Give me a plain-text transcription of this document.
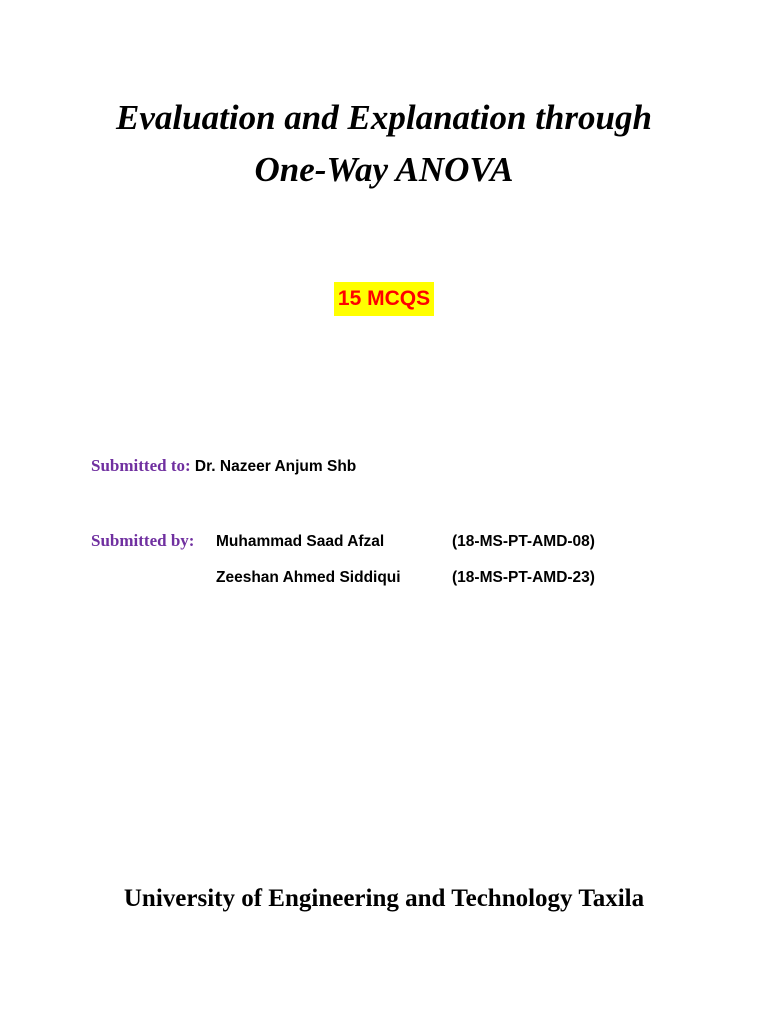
Evaluation and Explanation through
One-Way ANOVA
15 MCQS
Submitted to: Dr. Nazeer Anjum Shb
Submitted by: Muhammad Saad Afzal	(18-MS-PT-AMD-08)
Zeeshan Ahmed Siddiqui	(18-MS-PT-AMD-23)
University of Engineering and Technology Taxila
